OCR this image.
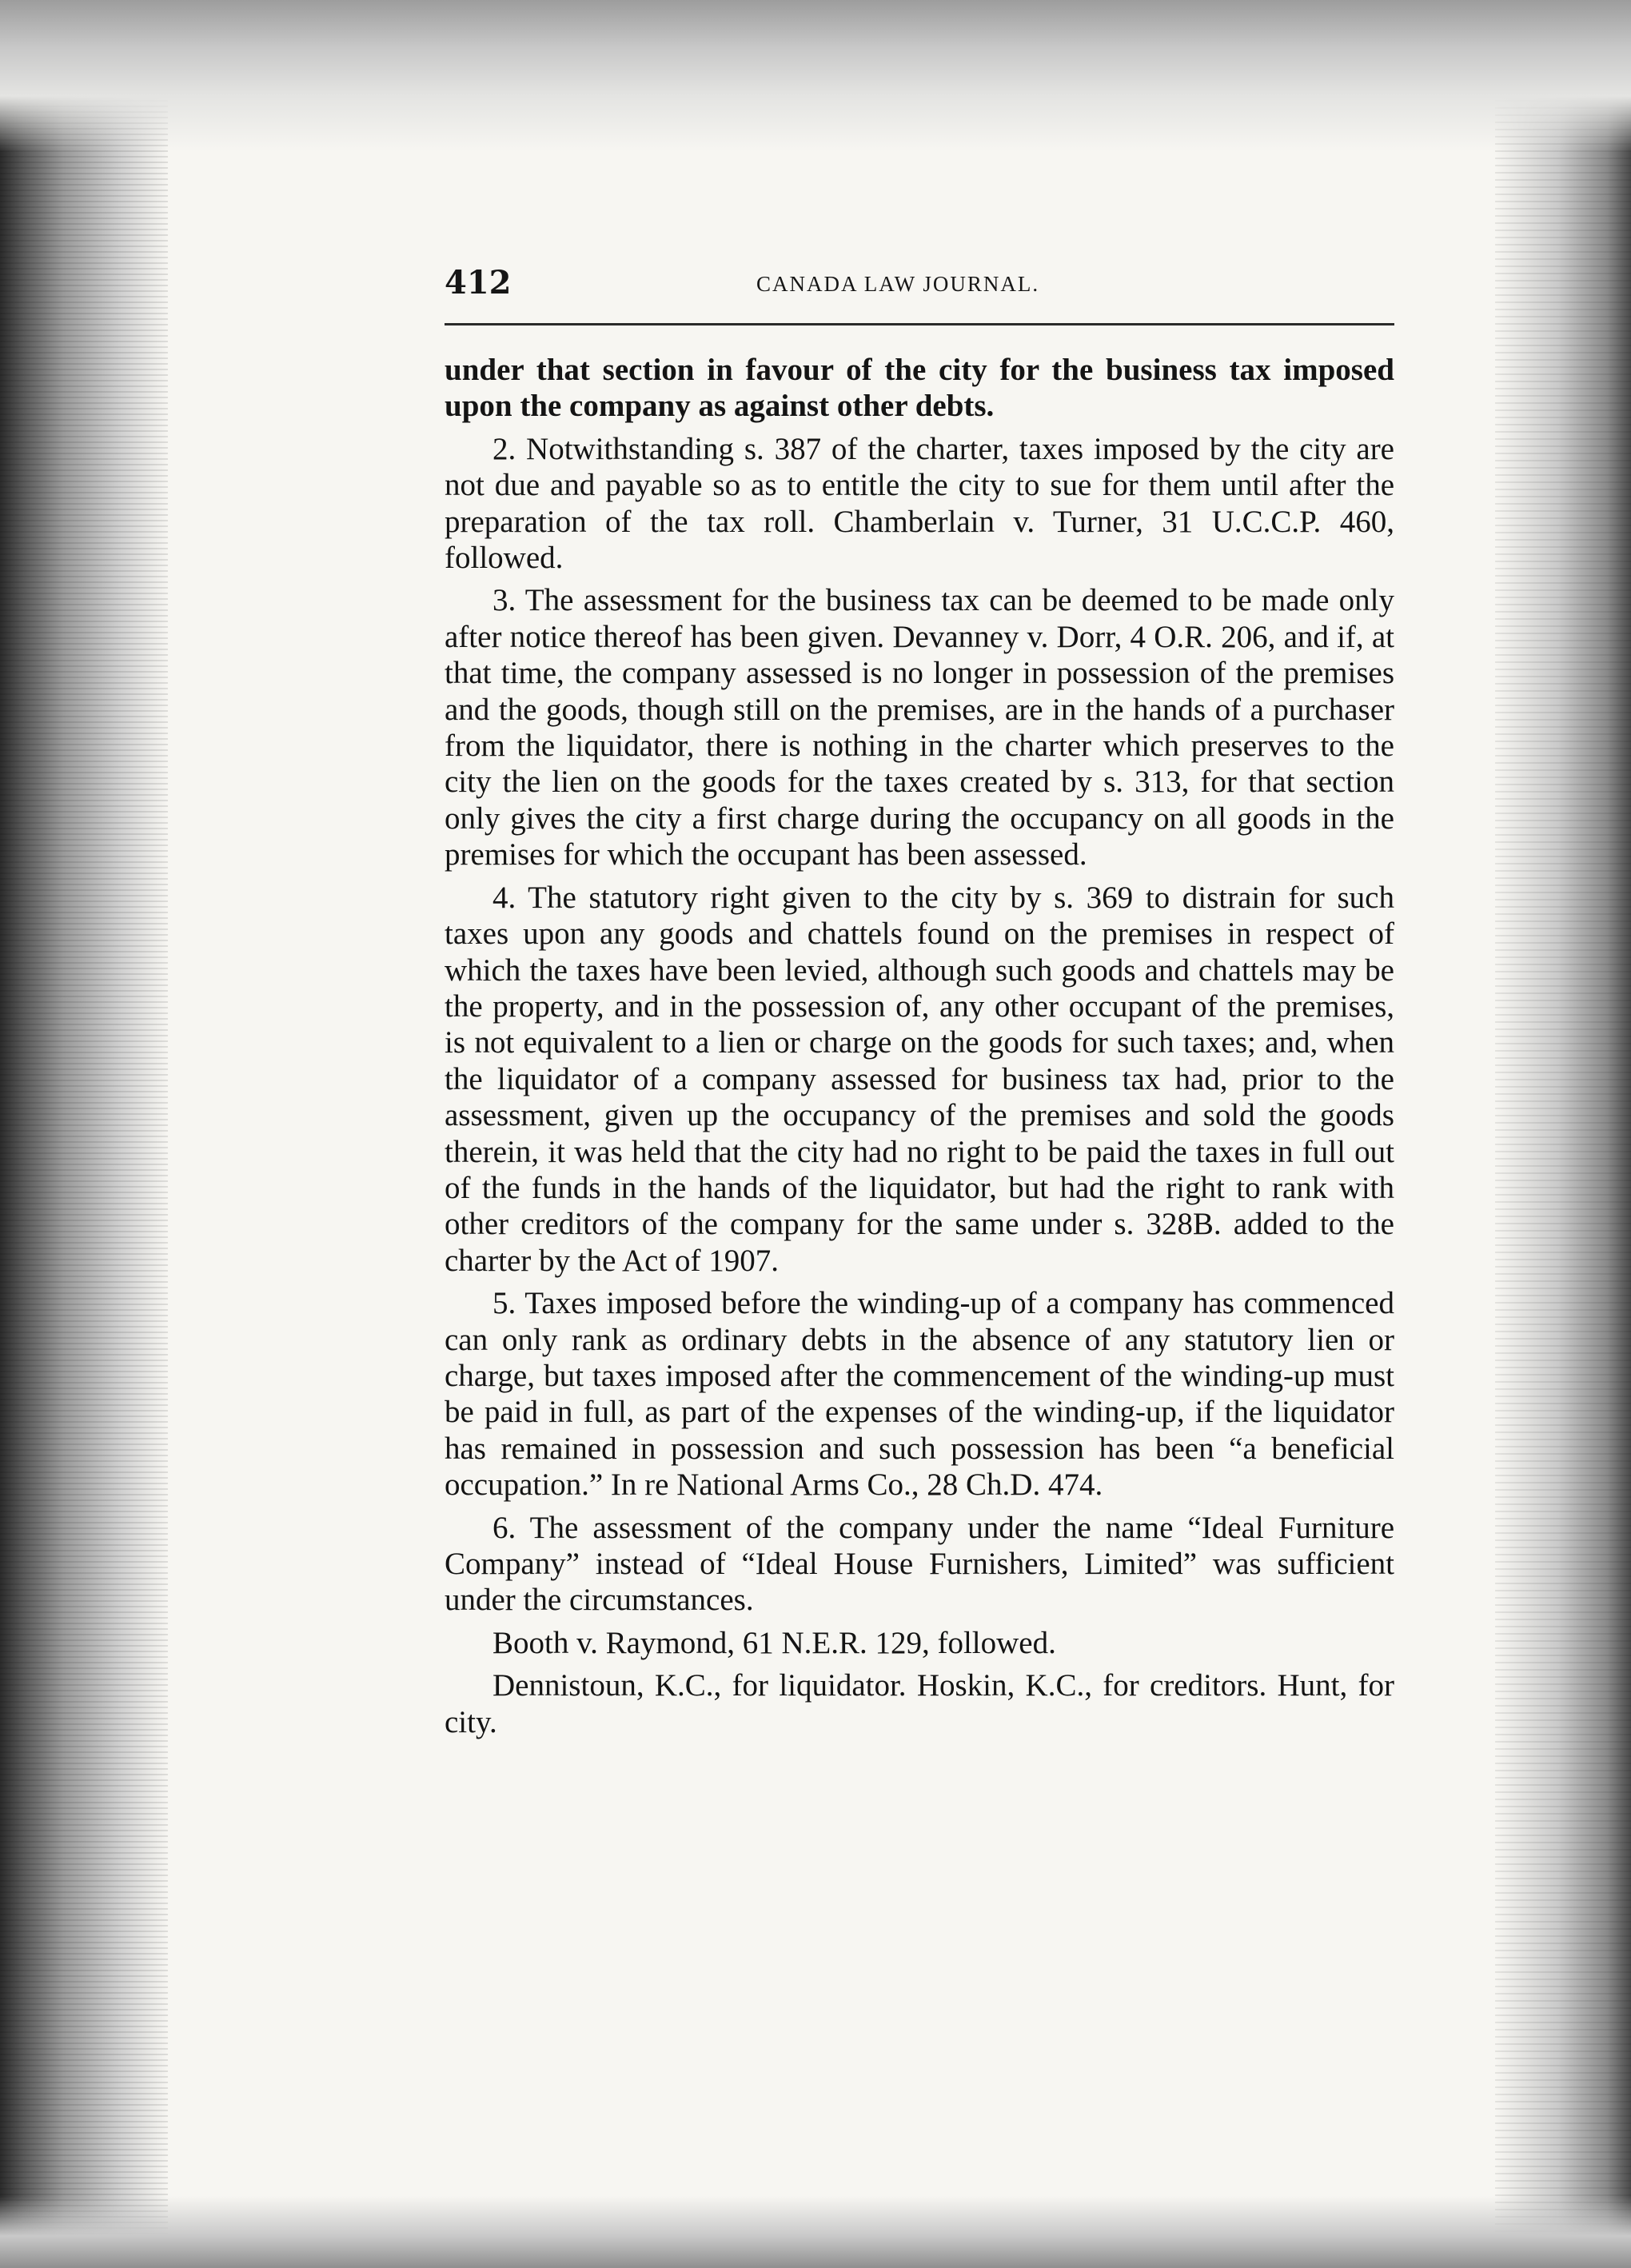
412	CANADA LAW JOURNAL.

under that section in favour of the city for the business tax imposed upon the company as against other debts.

2. Notwithstanding s. 387 of the charter, taxes imposed by the city are not due and payable so as to entitle the city to sue for them until after the preparation of the tax roll. Chamberlain v. Turner, 31 U.C.C.P. 460, followed.

3. The assessment for the business tax can be deemed to be made only after notice thereof has been given. Devanney v. Dorr, 4 O.R. 206, and if, at that time, the company assessed is no longer in possession of the premises and the goods, though still on the premises, are in the hands of a purchaser from the liquidator, there is nothing in the charter which preserves to the city the lien on the goods for the taxes created by s. 313, for that section only gives the city a first charge during the occupancy on all goods in the premises for which the occupant has been assessed.

4. The statutory right given to the city by s. 369 to distrain for such taxes upon any goods and chattels found on the premises in respect of which the taxes have been levied, although such goods and chattels may be the property, and in the possession of, any other occupant of the premises, is not equivalent to a lien or charge on the goods for such taxes; and, when the liquidator of a company assessed for business tax had, prior to the assessment, given up the occupancy of the premises and sold the goods therein, it was held that the city had no right to be paid the taxes in full out of the funds in the hands of the liquidator, but had the right to rank with other creditors of the company for the same under s. 328B. added to the charter by the Act of 1907.

5. Taxes imposed before the winding-up of a company has commenced can only rank as ordinary debts in the absence of any statutory lien or charge, but taxes imposed after the commencement of the winding-up must be paid in full, as part of the expenses of the winding-up, if the liquidator has remained in possession and such possession has been “a beneficial occupation.” In re National Arms Co., 28 Ch.D. 474.

6. The assessment of the company under the name “Ideal Furniture Company” instead of “Ideal House Furnishers, Limited” was sufficient under the circumstances.

Booth v. Raymond, 61 N.E.R. 129, followed.

Dennistoun, K.C., for liquidator. Hoskin, K.C., for creditors. Hunt, for city.
